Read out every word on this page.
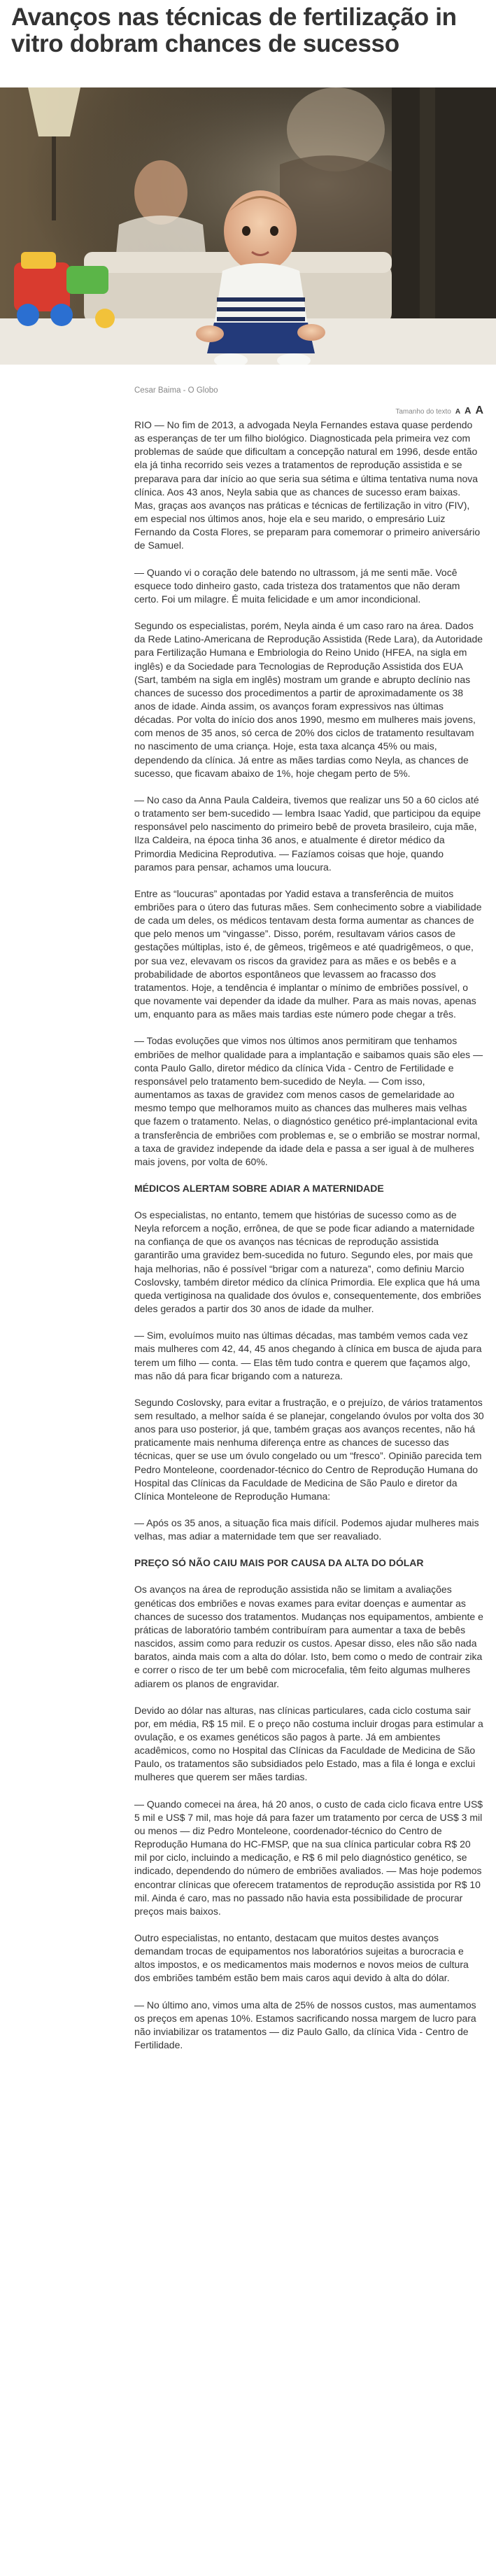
Avanços nas técnicas de fertilização in vitro dobram chances de sucesso
Cesar Baima - O Globo
Tamanho do texto A A A

RIO — No fim de 2013, a advogada Neyla Fernandes estava quase perdendo as esperanças de ter um filho biológico. Diagnosticada pela primeira vez com problemas de saúde que dificultam a concepção natural em 1996, desde então ela já tinha recorrido seis vezes a tratamentos de reprodução assistida e se preparava para dar início ao que seria sua sétima e última tentativa numa nova clínica. Aos 43 anos, Neyla sabia que as chances de sucesso eram baixas. Mas, graças aos avanços nas práticas e técnicas de fertilização in vitro (FIV), em especial nos últimos anos, hoje ela e seu marido, o empresário Luiz Fernando da Costa Flores, se preparam para comemorar o primeiro aniversário de Samuel.

— Quando vi o coração dele batendo no ultrassom, já me senti mãe. Você esquece todo dinheiro gasto, cada tristeza dos tratamentos que não deram certo. Foi um milagre. É muita felicidade e um amor incondicional.

Segundo os especialistas, porém, Neyla ainda é um caso raro na área. Dados da Rede Latino-Americana de Reprodução Assistida (Rede Lara), da Autoridade para Fertilização Humana e Embriologia do Reino Unido (HFEA, na sigla em inglês) e da Sociedade para Tecnologias de Reprodução Assistida dos EUA (Sart, também na sigla em inglês) mostram um grande e abrupto declínio nas chances de sucesso dos procedimentos a partir de aproximadamente os 38 anos de idade. Ainda assim, os avanços foram expressivos nas últimas décadas. Por volta do início dos anos 1990, mesmo em mulheres mais jovens, com menos de 35 anos, só cerca de 20% dos ciclos de tratamento resultavam no nascimento de uma criança. Hoje, esta taxa alcança 45% ou mais, dependendo da clínica. Já entre as mães tardias como Neyla, as chances de sucesso, que ficavam abaixo de 1%, hoje chegam perto de 5%.

— No caso da Anna Paula Caldeira, tivemos que realizar uns 50 a 60 ciclos até o tratamento ser bem-sucedido — lembra Isaac Yadid, que participou da equipe responsável pelo nascimento do primeiro bebê de proveta brasileiro, cuja mãe, Ilza Caldeira, na época tinha 36 anos, e atualmente é diretor médico da Primordia Medicina Reprodutiva. — Fazíamos coisas que hoje, quando paramos para pensar, achamos uma loucura.

Entre as “loucuras” apontadas por Yadid estava a transferência de muitos embriões para o útero das futuras mães. Sem conhecimento sobre a viabilidade de cada um deles, os médicos tentavam desta forma aumentar as chances de que pelo menos um “vingasse”. Disso, porém, resultavam vários casos de gestações múltiplas, isto é, de gêmeos, trigêmeos e até quadrigêmeos, o que, por sua vez, elevavam os riscos da gravidez para as mães e os bebês e a probabilidade de abortos espontâneos que levassem ao fracasso dos tratamentos. Hoje, a tendência é implantar o mínimo de embriões possível, o que novamente vai depender da idade da mulher. Para as mais novas, apenas um, enquanto para as mães mais tardias este número pode chegar a três.

— Todas evoluções que vimos nos últimos anos permitiram que tenhamos embriões de melhor qualidade para a implantação e saibamos quais são eles — conta Paulo Gallo, diretor médico da clínica Vida - Centro de Fertilidade e responsável pelo tratamento bem-sucedido de Neyla. — Com isso, aumentamos as taxas de gravidez com menos casos de gemelaridade ao mesmo tempo que melhoramos muito as chances das mulheres mais velhas que fazem o tratamento. Nelas, o diagnóstico genético pré-implantacional evita a transferência de embriões com problemas e, se o embrião se mostrar normal, a taxa de gravidez independe da idade dela e passa a ser igual à de mulheres mais jovens, por volta de 60%.

MÉDICOS ALERTAM SOBRE ADIAR A MATERNIDADE

Os especialistas, no entanto, temem que histórias de sucesso como as de Neyla reforcem a noção, errônea, de que se pode ficar adiando a maternidade na confiança de que os avanços nas técnicas de reprodução assistida garantirão uma gravidez bem-sucedida no futuro. Segundo eles, por mais que haja melhorias, não é possível “brigar com a natureza”, como definiu Marcio Coslovsky, também diretor médico da clínica Primordia. Ele explica que há uma queda vertiginosa na qualidade dos óvulos e, consequentemente, dos embriões deles gerados a partir dos 30 anos de idade da mulher.

— Sim, evoluímos muito nas últimas décadas, mas também vemos cada vez mais mulheres com 42, 44, 45 anos chegando à clínica em busca de ajuda para terem um filho — conta. — Elas têm tudo contra e querem que façamos algo, mas não dá para ficar brigando com a natureza.

Segundo Coslovsky, para evitar a frustração, e o prejuízo, de vários tratamentos sem resultado, a melhor saída é se planejar, congelando óvulos por volta dos 30 anos para uso posterior, já que, também graças aos avanços recentes, não há praticamente mais nenhuma diferença entre as chances de sucesso das técnicas, quer se use um óvulo congelado ou um “fresco”. Opinião parecida tem Pedro Monteleone, coordenador-técnico do Centro de Reprodução Humana do Hospital das Clínicas da Faculdade de Medicina de São Paulo e diretor da Clínica Monteleone de Reprodução Humana:

— Após os 35 anos, a situação fica mais difícil. Podemos ajudar mulheres mais velhas, mas adiar a maternidade tem que ser reavaliado.

PREÇO SÓ NÃO CAIU MAIS POR CAUSA DA ALTA DO DÓLAR

Os avanços na área de reprodução assistida não se limitam a avaliações genéticas dos embriões e novas exames para evitar doenças e aumentar as chances de sucesso dos tratamentos. Mudanças nos equipamentos, ambiente e práticas de laboratório também contribuíram para aumentar a taxa de bebês nascidos, assim como para reduzir os custos. Apesar disso, eles não são nada baratos, ainda mais com a alta do dólar. Isto, bem como o medo de contrair zika e correr o risco de ter um bebê com microcefalia, têm feito algumas mulheres adiarem os planos de engravidar.

Devido ao dólar nas alturas, nas clínicas particulares, cada ciclo costuma sair por, em média, R$ 15 mil. E o preço não costuma incluir drogas para estimular a ovulação, e os exames genéticos são pagos à parte. Já em ambientes acadêmicos, como no Hospital das Clínicas da Faculdade de Medicina de São Paulo, os tratamentos são subsidiados pelo Estado, mas a fila é longa e exclui mulheres que querem ser mães tardias.

— Quando comecei na área, há 20 anos, o custo de cada ciclo ficava entre US$ 5 mil e US$ 7 mil, mas hoje dá para fazer um tratamento por cerca de US$ 3 mil ou menos — diz Pedro Monteleone, coordenador-técnico do Centro de Reprodução Humana do HC-FMSP, que na sua clínica particular cobra R$ 20 mil por ciclo, incluindo a medicação, e R$ 6 mil pelo diagnóstico genético, se indicado, dependendo do número de embriões avaliados. — Mas hoje podemos encontrar clínicas que oferecem tratamentos de reprodução assistida por R$ 10 mil. Ainda é caro, mas no passado não havia esta possibilidade de procurar preços mais baixos.

Outro especialistas, no entanto, destacam que muitos destes avanços demandam trocas de equipamentos nos laboratórios sujeitas a burocracia e altos impostos, e os medicamentos mais modernos e novos meios de cultura dos embriões também estão bem mais caros aqui devido à alta do dólar.

— No último ano, vimos uma alta de 25% de nossos custos, mas aumentamos os preços em apenas 10%. Estamos sacrificando nossa margem de lucro para não inviabilizar os tratamentos — diz Paulo Gallo, da clínica Vida - Centro de Fertilidade.
